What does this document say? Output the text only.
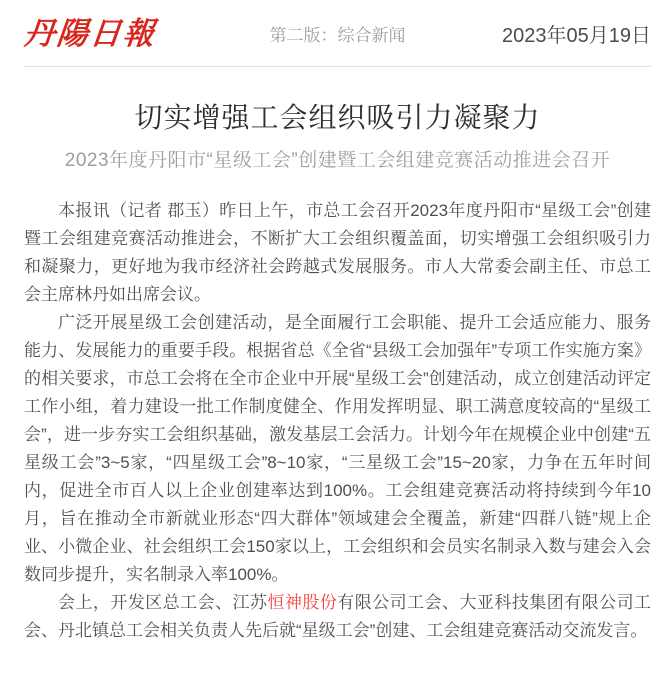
丹陽日報	第二版：综合新闻	2023年05月19日
切实增强工会组织吸引力凝聚力
2023年度丹阳市“星级工会”创建暨工会组建竞赛活动推进会召开

本报讯（记者 郡玉）昨日上午，市总工会召开2023年度丹阳市“星级工会”创建暨工会组建竞赛活动推进会，不断扩大工会组织覆盖面，切实增强工会组织吸引力和凝聚力，更好地为我市经济社会跨越式发展服务。市人大常委会副主任、市总工会主席林丹如出席会议。

广泛开展星级工会创建活动，是全面履行工会职能、提升工会适应能力、服务能力、发展能力的重要手段。根据省总《全省“县级工会加强年”专项工作实施方案》的相关要求，市总工会将在全市企业中开展“星级工会”创建活动，成立创建活动评定工作小组，着力建设一批工作制度健全、作用发挥明显、职工满意度较高的“星级工会”，进一步夯实工会组织基础，激发基层工会活力。计划今年在规模企业中创建“五星级工会”3~5家，“四星级工会”8~10家，“三星级工会”15~20家，力争在五年时间内，促进全市百人以上企业创建率达到100%。工会组建竞赛活动将持续到今年10月，旨在推动全市新就业形态“四大群体”领域建会全覆盖，新建“四群八链”规上企业、小微企业、社会组织工会150家以上，工会组织和会员实名制录入数与建会入会数同步提升，实名制录入率100%。

会上，开发区总工会、江苏恒神股份有限公司工会、大亚科技集团有限公司工会、丹北镇总工会相关负责人先后就“星级工会”创建、工会组建竞赛活动交流发言。
